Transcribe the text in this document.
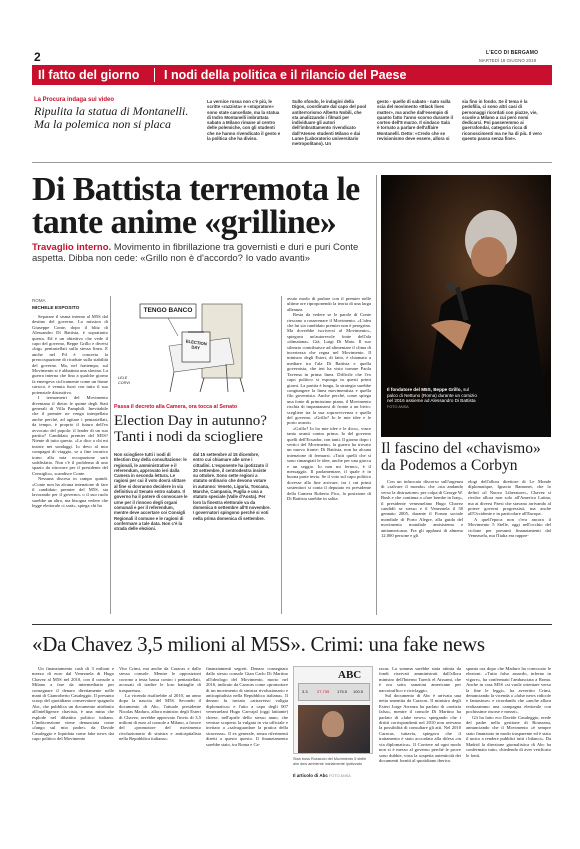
2	L'ECO DI BERGAMO
MARTEDÌ 18 GIUGNO 2019
Il fatto del giorno I nodi della politica e il rilancio del Paese
La Procura indaga sui video
Ripulita la statua di Montanelli. Ma la polemica non si placa
La vernice rossa non c'è più, le scritte «razzista» e «stupratore» sono state cancellate, ma la statua di Indro Montanelli imbrattata sabato a Milano rimane al centro delle polemiche, con gli studenti che ne hanno rivendicato il gesto e la politica che ha diviso.
Sullo sfondo, le indagini della Digos, coordinate dal capo del pool antiterrorismo Alberto Nobili, che sta analizzando i filmati per individuare gli autori dell'imbrattamento rivendicato dall'Ateneo studenti Milano e dai Lume (Laboratorio universitario metropolitano). Un
gesto - quello di sabato - nato sulla scia del movimento «Black lives matter», ma anche dall'esempio di quanto fatto l'anno scorso durante il corteo dell'8 marzo. Il sindaco Sala è tornato a parlare dell'affaire Montanelli. Detto: «Credo che se revisionismo deve essere, allora si
sia fino in fondo. Se il tema è la pedofilia, ci sono altri casi di personaggi ricordati con piazze, vie, scuole a Milano a cui però nomi dedicarci. Poi passeremmo ai guerrafondai, categoria ricca di riconoscimenti ma ne ha di più. Il vero questo passa senza fine».
Di Battista terremota le tante anime «grilline»
Travaglio interno. Movimento in fibrillazione tra governisti e duri e puri Conte aspetta. Dibba non cede: «Grillo non è d'accordo? Io vado avanti»
ROMA
MICHELE ESPOSITO

Separare il sisma interno al M5S dal destino del governo. La mission di Giuseppe Conte, dopo il blitz di Alessandro Di Battista, è soprattutto questa. Ed è un obiettivo che vede il capo del governo, Beppe Grillo e diversi «big» pentastellati sulla stessa linea. E anche nel Pd è concreta la preoccupazione di ricadute sulla stabilità del governo. Ma, nel frattempo, sul Movimento si è abbattuta una slavina. La guerra interna che fino a qualche giorno fa emergeva ciclicamente come un fiume carsico, è venuta fuori con tutto il suo potenziale distruttivo.

I termometri del Movimento diventano il dietro le quinte degli Stati generali di Villa Pamphili. Inevitabile che il premier ne venga interpellato anche perché, ad agitare i pentastellati, da tempo, è proprio il futuro dell'ex avvocato del popolo: il leader di un suo partito? Candidato premier del M5S? Niente di tutto questo. «Lo dico a chi mi insiste nei sondaggi. Io devo al mio compagni di viaggio, se a fine incarico torno alla mia occupazione sarò soddisfatto. Non c'è il problema di uno spazio da ritrovare per il presidente del Consiglio», scandisce Conte.

Nessuna discesa in campo quindi. «Conte non ha alcuna intenzione di fare il candidato premier del M5S, sta lavorando per il governo» o il suo ruolo sarebbe un altro, ma bisogna vedere che legge elettorale ci sarà», spiega chi ha

TENGO BANCO
ELECTION DAY
LELE CORVI
Passa il decreto alla Camera, ora tocca al Senato
Election Day in autunno? Tanti i nodi da sciogliere
Non sciogliere tutti i nodi di Election Day della consultazione: le regionali, le amministrative e il referendum, approvato ieri dalla Camera in seconda lettura. Le ragioni per cui il voto dovrà slittare al fine si dovranno decidere in via definitiva al Senato entro sabato. Il governo ha il potere di convocare le urne per il rinnovo degli organi comunali e per il referendum, mentre deve accertare coi Consigli Regionali il comune e le ragioni di confermare a tale data. Non c'è la strada delle elezioni.
dal 15 settembre al 15 dicembre, entro cui chiamare alle urne i cittadini. L'esponente ha ipotizzato il 20 settembre, il centrodestra insiste su ottobre. Sono sette regioni a statuto ordinario che devono votare in autunno: Veneto, Liguria, Toscana, Marche, Campania, Puglia e una a statuto speciale (Valle d'Aosta). Per loro la finestra elettorale va da domenica 6 settembre all'8 novembre. I governatori spingono perché si voti nella prima domenica di settembre.

avuto modo di parlare con il premier nelle ultime ore riproponendo la teoria di una larga alleanza.

Resta da vedere se le parole di Conte riescano a rasserenare il Movimento. «L'idea che lui sia candidato premier non è peregrina. Ma dovrebbe iscriversi al Movimento», spiegava un'autorevole fonte dell'ala «dimaiana». Già, Luigi Di Maio. Il suo silenzio contribuisce ad alimentare il clima di incertezza che regna nel Movimento. Il ministro degli Esteri, di fatto, è chiamato a mediare tra l'ala Di Battista e quella governista, che ieri ha visto tornare Paola Taverna in prima linea. Difficile che l'ex capo politico si esponga in questi primi giorni. La partita è lunga, la strategia sarebbe congiungere la linea movimentista e quella filo governista. Anche perché, come spiega una fonte di primissimo piano, il Movimento rischia di impantanarsi di fronte a un bivio: scegliere tra la sua sopravvivenza e quella del governo. «Grillo? Io le mie idee e le porto avanti»

«Grillo? Io ho mie idee e le dico», vince tanto avanti contro prima. Io del governo quelli dell'Ecuador, con tanti. Il giorno dopo i vertici del Movimento, la guerra ha trovato un nuovo fronte: Di Battista, non ha alcuna intenzione di fermarsi. «Tutti quelli che si sono rimangiati le idee, anche per una giacca e un seggio. Io non mi fermo», è il messaggio. Il parlamentare, il quale è in buona parte invio. Se il voto sul capo politico dovesse alla fine arrivare, tra i cui primi sostenitori si conta il deputato ex presidente della Camera Roberto Fico, la posizione di Di Battista sarebbe in salita.

Il fondatore del M5S, Beppe Grillo, sul palco di Nettuno (Roma) durante un comizio nel 2016 assieme ad Alessandro Di Battista FOTO ANSA
Il fascino del «chavismo» da Podemos a Corbyn

Con un infuocato discorso sull'urgenza di «salvare il mondo» che «sta andando verso la distruzione» per colpa di George W. Bush e che continua a «fare bombe in Iraq», il presidente venezuelano Hugo Chavez candidò se stesso e il Venezuela il 30 gennaio 2005, durante il Forum sociale mondiale di Porto Alegre, alla guida del movimento mondiale antisistema e antiamericano. Fra gli applausi di almeno 12.000 persone e gli

elogi dell'allora direttore di Le Monde diplomatique, Ignacio Ramonet, che lo definì «il Nuovo Liberatore», Chavez si rivolse allora non solo all'America Latina, ma ai diversi Paesi che stavano arrivando al potere governi progressisti, ma anche all'Occidente e in particolare all'Europa.

A quell'epoca non c'era ancora il Movimento 5 Stelle, oggi nell'occhio del ciclone per presunti finanziamenti dal Venezuela, ma l'Italia era rappre-

«Da Chavez 3,5 milioni al M5S». Crimi: una fake news

Un finanziamento cash di 3 milioni e mezzo di euro dal Venezuela di Hugo Chavez al M5S nel 2010, con il console a Milano a fare da intermediario per consegnare il denaro direttamente nelle mani di Gianroberto Casaleggio. Il presunto scoop del quotidiano conservatore spagnolo Abc, che pubblica un documento attribuito all'intelligence chavista, è una mina che esplode nel dibattito politico italiano. L'indiscrezione viene denunciata come «fango sul mio padre» da Davide Casaleggio e liquidata come fake news dai capo politico del Movimento

Vito Crimi, ma anche da Caracas e dallo stesso console. Mentre le opposizioni corrono a testa bassa contro i pentastellati, accusati di tradire le loro battaglie di trasparenza.

La vicenda risalirebbe al 2010, un anno dopo la nascita del M5S. Secondo il documento di Abc, l'attuale presidente Nicolas Maduro, allora ministro degli Esteri di Chavez, avrebbe approvato l'invio di 3,5 milioni di euro al console a Milano, a favore del «promotore del movimento rivoluzionario di sinistra e anticapitalista nella Repubblica italiana»:

finanziamenti segreti. Denaro consegnato dallo stesso console Gian Carlo Di Martino all'ideologo del Movimento, morto nel 2016, indicato da Caracas come «promotore di un movimento di sinistra rivoluzionario e anticapitalista nella Repubblica italiana». Il denaro fu inviato «attraverso valigia diplomatica» e l'atto a capo degli 007 venezuelani Hugo Carvajal (oggi latitante) chiese, nell'aprile dello stesso anno, che venisse scoperto la vulgata in via ufficiale e invitato a «salvaguardare la pratica della sicurezza». Il ex generale, senza riferimenti diretti a questo questo. Il finanziamento sarebbe stato, tra Roma e Ca-

ABC
3.3 27.739 175.5 100.5
Stan boss Rosaccio del Movimiento 5 stelle aim dew ambiente inizialmente ipotizzato
Il articolo di Abc FOTO ANSA

racas. La somma sarebbe stata attinta da fondi riservati amministrati dall'allora ministro dell'Interno Tareck el Aissami, che è ora sotto sanzioni americane per narcotraffico e riciclaggio.

Sul documento di Abc è arrivata una netta smentita da Caracas. Il ministro degli Esteri Jorge Arreaza ha parlato di «notizia falsa», mentre il console Di Martino ha parlato di «fake news» spiegando che i diritti corrispondenti nel 2010 non avevano la possibilità di consultare gli atti. Nel 2010 Caracas, tuttavia, spiegava che il trattamento è stato accordato alla difesa «in via diplomatica». Il Corriere ad ogni modo non si è messo al governo perché le prove sono dubbie, vista la sospetta autenticità dei documenti forniti al quotidiano iberico.

spunta ora dopo che Maduro ha convocato le elezioni. «Tutto falso assurdo, inferno in vigore», ha confermato l'ambasciata a Roma. Anche in casa M5S «si vuole orientare verso la fine le leggi», ha avvertito Crimi, denunciando la vicenda a «false news ridicole e fantasiose» e ricordando che «anche allora realizzammo una campagna elettorale con pochissime risorse e mezzi».

Gli ha fatto eco Davide Casaleggio, erede del padre nella gestione di Rousseau, annunciando che il Movimento «è sempre stato finanziato in modo trasparente ed è stato il unico a rendere pubblici tutti i bilanci». Da Madrid la direzione giornalistica di Abc ha confermato tutto, chiedendo di aver verificato le fonti.
